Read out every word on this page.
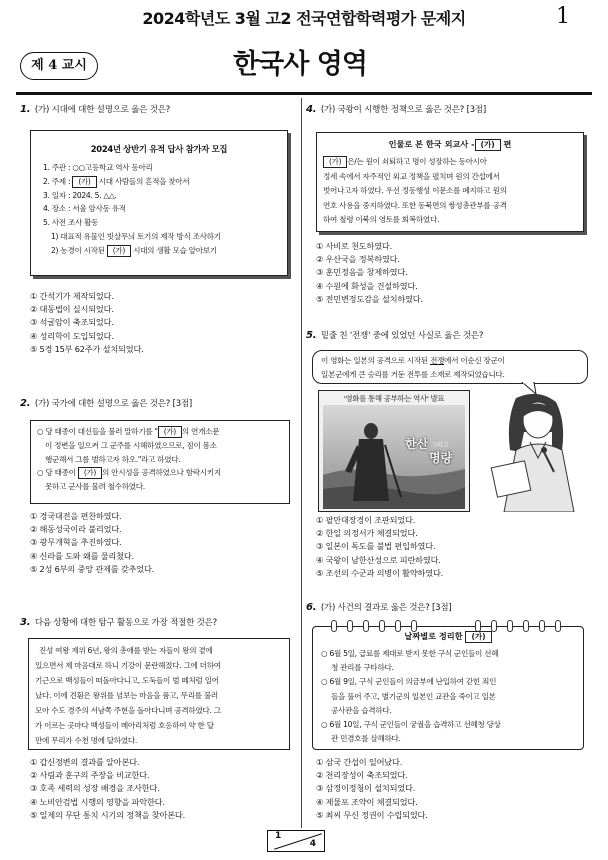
2024학년도 3월 고2 전국연합학력평가 문제지	1
제 4 교시	한국사 영역
1. (가) 시대에 대한 설명으로 옳은 것은?
2024년 상반기 유적 답사 참가자 모집
1. 주관 : ○○고등학교 역사 동아리
2. 주제 : (가) 시대 사람들의 흔적을 찾아서
3. 일자 : 2024. 5. △△.
4. 장소 : 서울 암사동 유적
5. 사전 조사 활동
1) 대표적 유물인 빗살무늬 토기의 제작 방식 조사하기
2) 농경이 시작된 (가) 시대의 생활 모습 알아보기
① 간석기가 제작되었다.
② 대동법이 실시되었다.
③ 석굴암이 축조되었다.
④ 성리학이 도입되었다.
⑤ 5경 15부 62주가 설치되었다.
2. (가) 국가에 대한 설명으로 옳은 것은? [3점]
○ 당 태종이 대신들을 불러 말하기를 " (가) 의 연개소문
이 정변을 일으켜 그 군주를 시해하였으므로, 짐이 몸소
행군해서 그를 벌하고자 하오."라고 하였다.
○ 당 태종이 (가) 의 안시성을 공격하였으나 함락시키지
못하고 군사를 물려 철수하였다.
① 경국대전을 편찬하였다.
② 해동성국이라 불리었다.
③ 광무개혁을 추진하였다.
④ 신라를 도와 왜를 물리쳤다.
⑤ 2성 6부의 중앙 관제를 갖추었다.
3. 다음 상황에 대한 탐구 활동으로 가장 적절한 것은?
진성 여왕 재위 6년, 왕의 총애를 받는 자들이 왕의 곁에
있으면서 제 마음대로 하니 기강이 문란해졌다. 그에 더하여
기근으로 백성들이 떠돌아다니고, 도둑들이 벌 떼처럼 일어
났다. 이에 견훤은 왕위를 넘보는 마음을 품고, 무리를 불러
모아 수도 경주의 서남쪽 주현을 돌아다니며 공격하였다. 그
가 이르는 곳마다 백성들이 메아리처럼 호응하여 약 한 달
만에 무리가 수천 명에 달하였다.
① 갑신정변의 결과를 알아본다.
② 사림과 훈구의 주장을 비교한다.
③ 호족 세력의 성장 배경을 조사한다.
④ 노비안검법 시행의 영향을 파악한다.
⑤ 일제의 무단 통치 시기의 정책을 찾아본다.
4. (가) 국왕이 시행한 정책으로 옳은 것은? [3점]
인물로 본 한국 외교사 - (가) 편
(가) 은/는 원이 쇠퇴하고 명이 성장하는 동아시아
정세 속에서 자주적인 외교 정책을 펼치며 원의 간섭에서
벗어나고자 하였다. 우선 정동행성 이문소를 폐지하고 원의
연호 사용을 중지하였다. 또한 동북면의 쌍성총관부를 공격
하여 철령 이북의 영토를 회복하였다.
① 사비로 천도하였다.
② 우산국을 정복하였다.
③ 훈민정음을 창제하였다.
④ 수원에 화성을 건설하였다.
⑤ 전민변정도감을 설치하였다.
5. 밑줄 친 '전쟁' 중에 있었던 사실로 옳은 것은?
이 영화는 일본의 공격으로 시작된 전쟁에서 이순신 장군이
일본군에게 큰 승리를 거둔 전투를 소재로 제작되었습니다.
'영화를 통해 공부하는 역사' 발표
한산 그리고
명량
① 팔만대장경이 조판되었다.
② 한일 의정서가 체결되었다.
③ 일본이 독도를 불법 편입하였다.
④ 국왕이 남한산성으로 피란하였다.
⑤ 조선의 수군과 의병이 활약하였다.
6. (가) 사건의 결과로 옳은 것은? [3점]
날짜별로 정리한 (가)
○ 6월 5일, 급료를 제대로 받지 못한 구식 군인들이 선혜
청 관리를 구타하다.
○ 6월 9일, 구식 군인들이 의금부에 난입하여 갇힌 죄인
들을 풀어 주고, 별기군의 일본인 교관을 죽이고 일본
공사관을 습격하다.
○ 6월 10일, 구식 군인들이 궁궐을 습격하고 선혜청 당상
관 민겸호를 살해하다.
① 삼국 간섭이 일어났다.
② 천리장성이 축조되었다.
③ 삼정이정청이 설치되었다.
④ 제물포 조약이 체결되었다.
⑤ 최씨 무신 정권이 수립되었다.
1
4
